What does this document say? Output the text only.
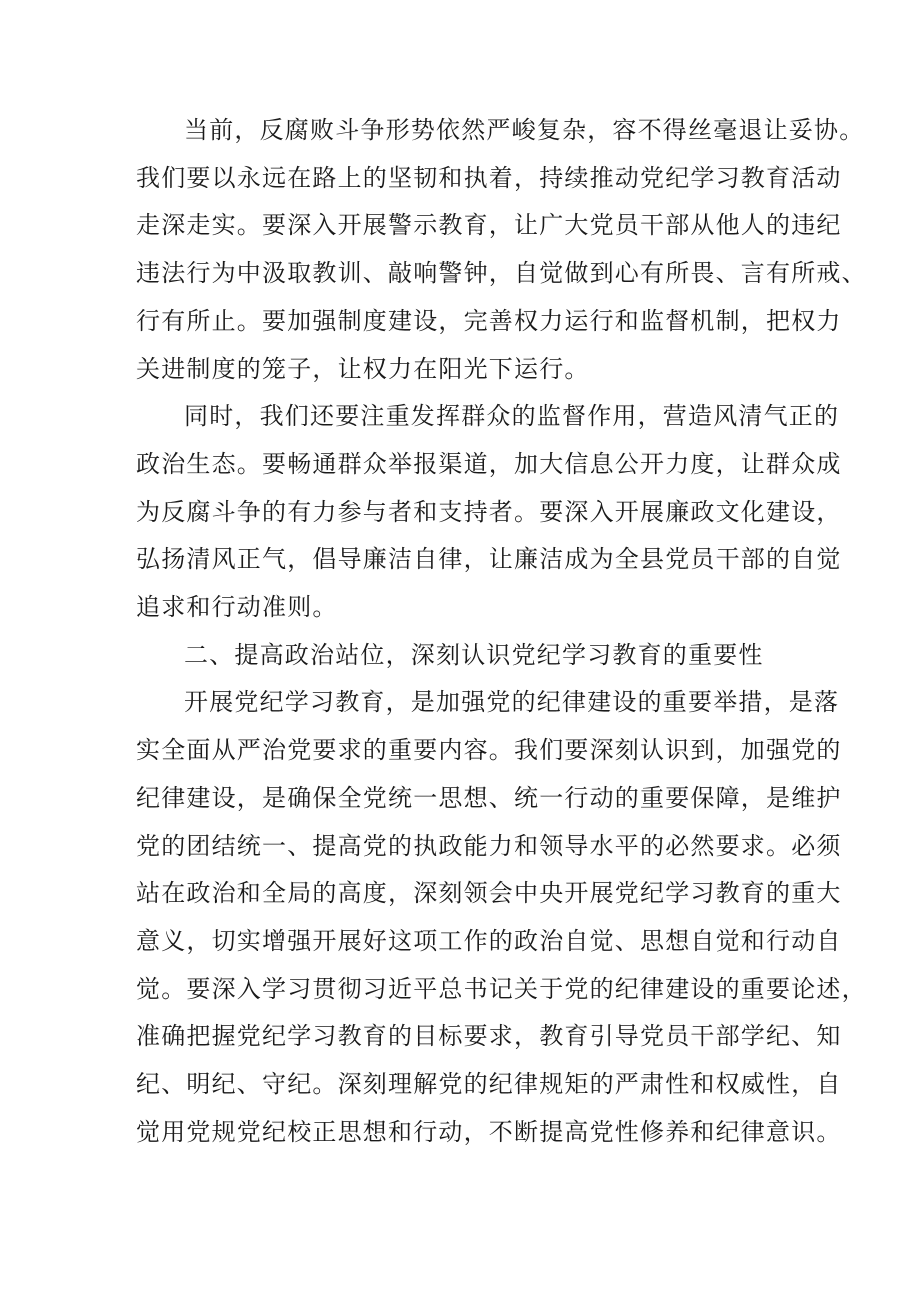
当前，反腐败斗争形势依然严峻复杂，容不得丝毫退让妥协。
我们要以永远在路上的坚韧和执着，持续推动党纪学习教育活动
走深走实。要深入开展警示教育，让广大党员干部从他人的违纪
违法行为中汲取教训、敲响警钟，自觉做到心有所畏、言有所戒、
行有所止。要加强制度建设，完善权力运行和监督机制，把权力
关进制度的笼子，让权力在阳光下运行。

同时，我们还要注重发挥群众的监督作用，营造风清气正的
政治生态。要畅通群众举报渠道，加大信息公开力度，让群众成
为反腐斗争的有力参与者和支持者。要深入开展廉政文化建设，
弘扬清风正气，倡导廉洁自律，让廉洁成为全县党员干部的自觉
追求和行动准则。

二、提高政治站位，深刻认识党纪学习教育的重要性

开展党纪学习教育，是加强党的纪律建设的重要举措，是落
实全面从严治党要求的重要内容。我们要深刻认识到，加强党的
纪律建设，是确保全党统一思想、统一行动的重要保障，是维护
党的团结统一、提高党的执政能力和领导水平的必然要求。必须
站在政治和全局的高度，深刻领会中央开展党纪学习教育的重大
意义，切实增强开展好这项工作的政治自觉、思想自觉和行动自
觉。要深入学习贯彻习近平总书记关于党的纪律建设的重要论述，
准确把握党纪学习教育的目标要求，教育引导党员干部学纪、知
纪、明纪、守纪。深刻理解党的纪律规矩的严肃性和权威性，自
觉用党规党纪校正思想和行动，不断提高党性修养和纪律意识。
